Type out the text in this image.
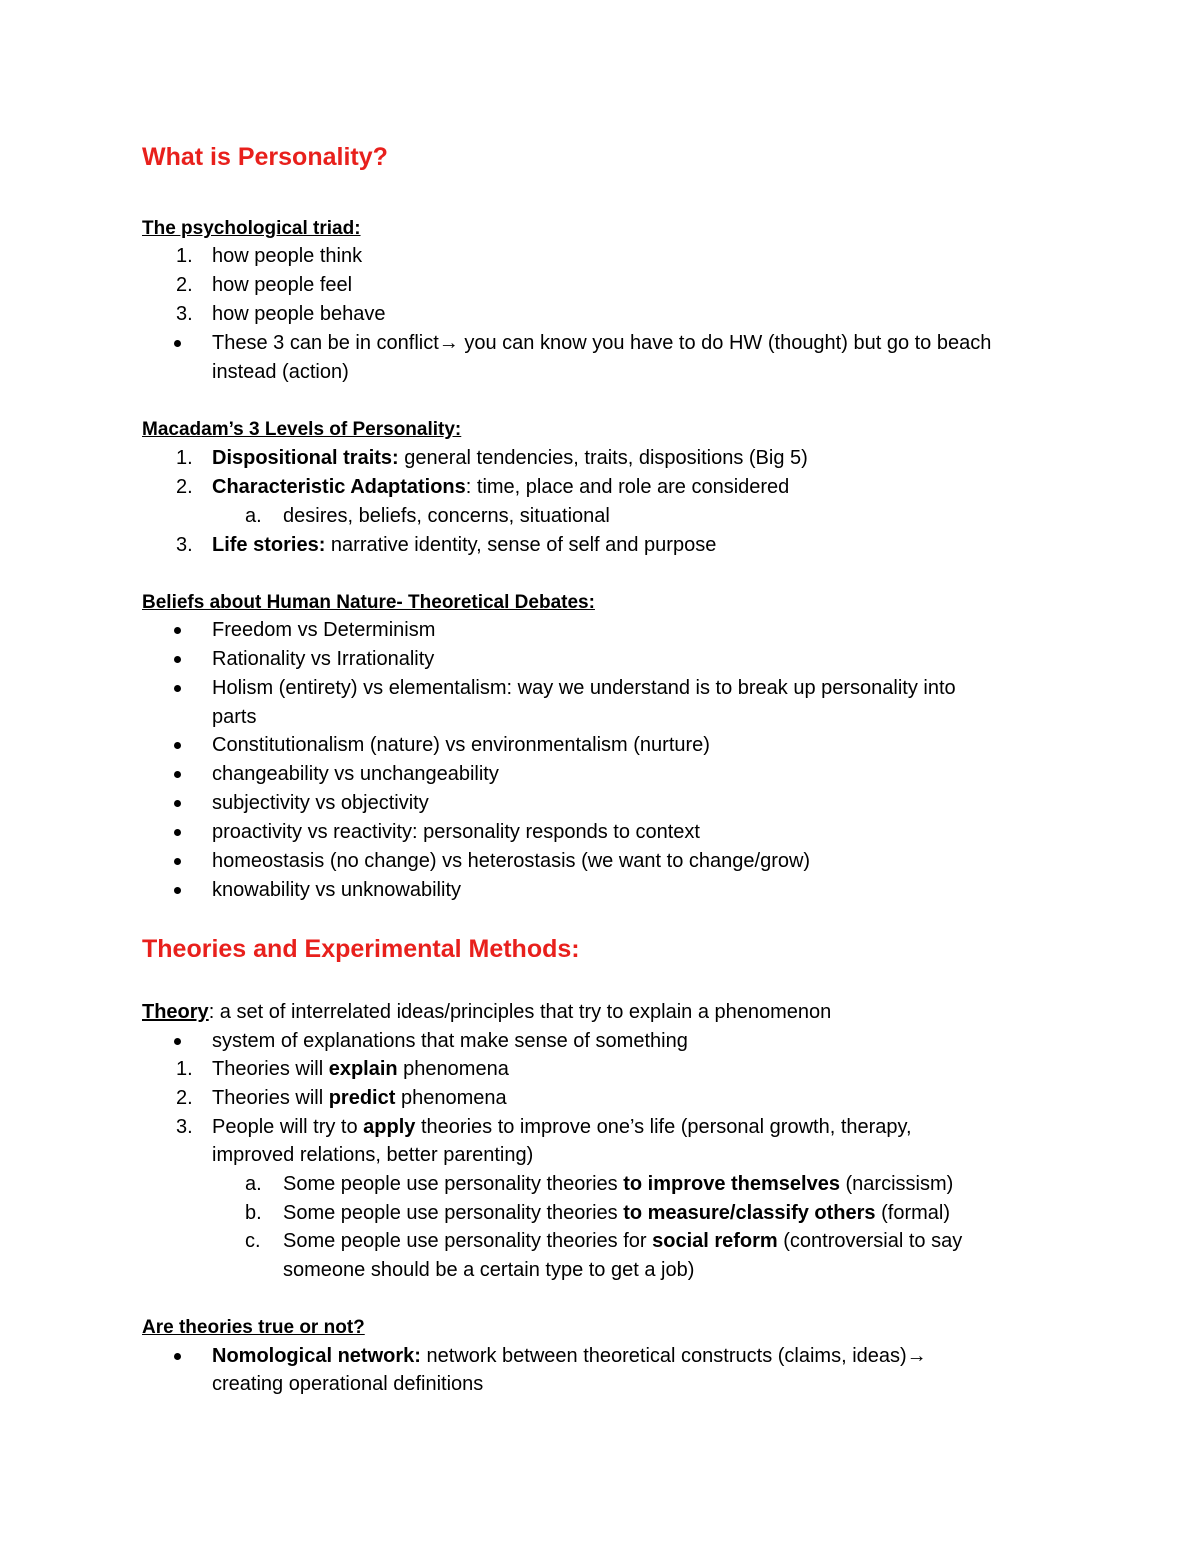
What is Personality?
The psychological triad:
1. how people think
2. how people feel
3. how people behave
These 3 can be in conflict→ you can know you have to do HW (thought) but go to beach
instead (action)
Macadam’s 3 Levels of Personality:
1. Dispositional traits: general tendencies, traits, dispositions (Big 5)
2. Characteristic Adaptations: time, place and role are considered
a.	desires, beliefs, concerns, situational
3. Life stories: narrative identity, sense of self and purpose
Beliefs about Human Nature- Theoretical Debates:
Freedom vs Determinism
Rationality vs Irrationality
Holism (entirety) vs elementalism: way we understand is to break up personality into
parts
Constitutionalism (nature) vs environmentalism (nurture)
changeability vs unchangeability
subjectivity vs objectivity
proactivity vs reactivity: personality responds to context
homeostasis (no change) vs heterostasis (we want to change/grow)
knowability vs unknowability
Theories and Experimental Methods:
Theory: a set of interrelated ideas/principles that try to explain a phenomenon
system of explanations that make sense of something
1. Theories will explain phenomena
2. Theories will predict phenomena
3. People will try to apply theories to improve one’s life (personal growth, therapy,
improved relations, better parenting)
a.	Some people use personality theories to improve themselves (narcissism)
b.	Some people use personality theories to measure/classify others (formal)
c.	Some people use personality theories for social reform (controversial to say
someone should be a certain type to get a job)
Are theories true or not?
Nomological network: network between theoretical constructs (claims, ideas)→
creating operational definitions
